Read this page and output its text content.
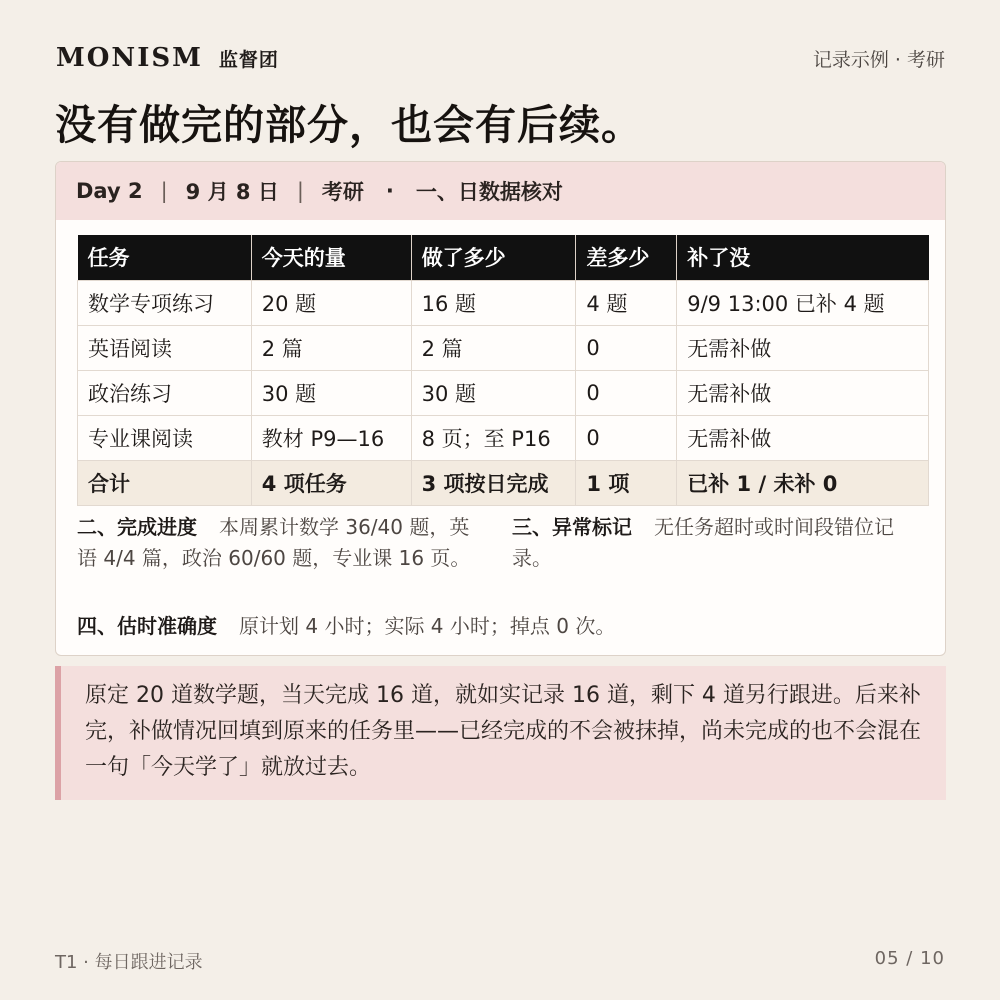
MONISM 监督团	记录示例 · 考研
没有做完的部分，也会有后续。
Day 2 | 9 月 8 日 | 考研 · 一、日数据核对
任务	今天的量	做了多少	差多少	补了没
数学专项练习	20 题	16 题	4 题	9/9 13:00 已补 4 题
英语阅读	2 篇	2 篇	0	无需补做
政治练习	30 题	30 题	0	无需补做
专业课阅读	教材 P9—16	8 页；至 P16	0	无需补做
合计	4 项任务	3 项按日完成	1 项	已补 1 / 未补 0
二、完成进度 本周累计数学 36/40 题，英语 4/4 篇，政治 60/60 题，专业课 16 页。
三、异常标记 无任务超时或时间段错位记录。
四、估时准确度 原计划 4 小时；实际 4 小时；掉点 0 次。

原定 20 道数学题，当天完成 16 道，就如实记录 16 道，剩下 4 道另行跟进。后来补完，补做情况回填到原来的任务里——已经完成的不会被抹掉，尚未完成的也不会混在一句「今天学了」就放过去。

T1 · 每日跟进记录	05 / 10
